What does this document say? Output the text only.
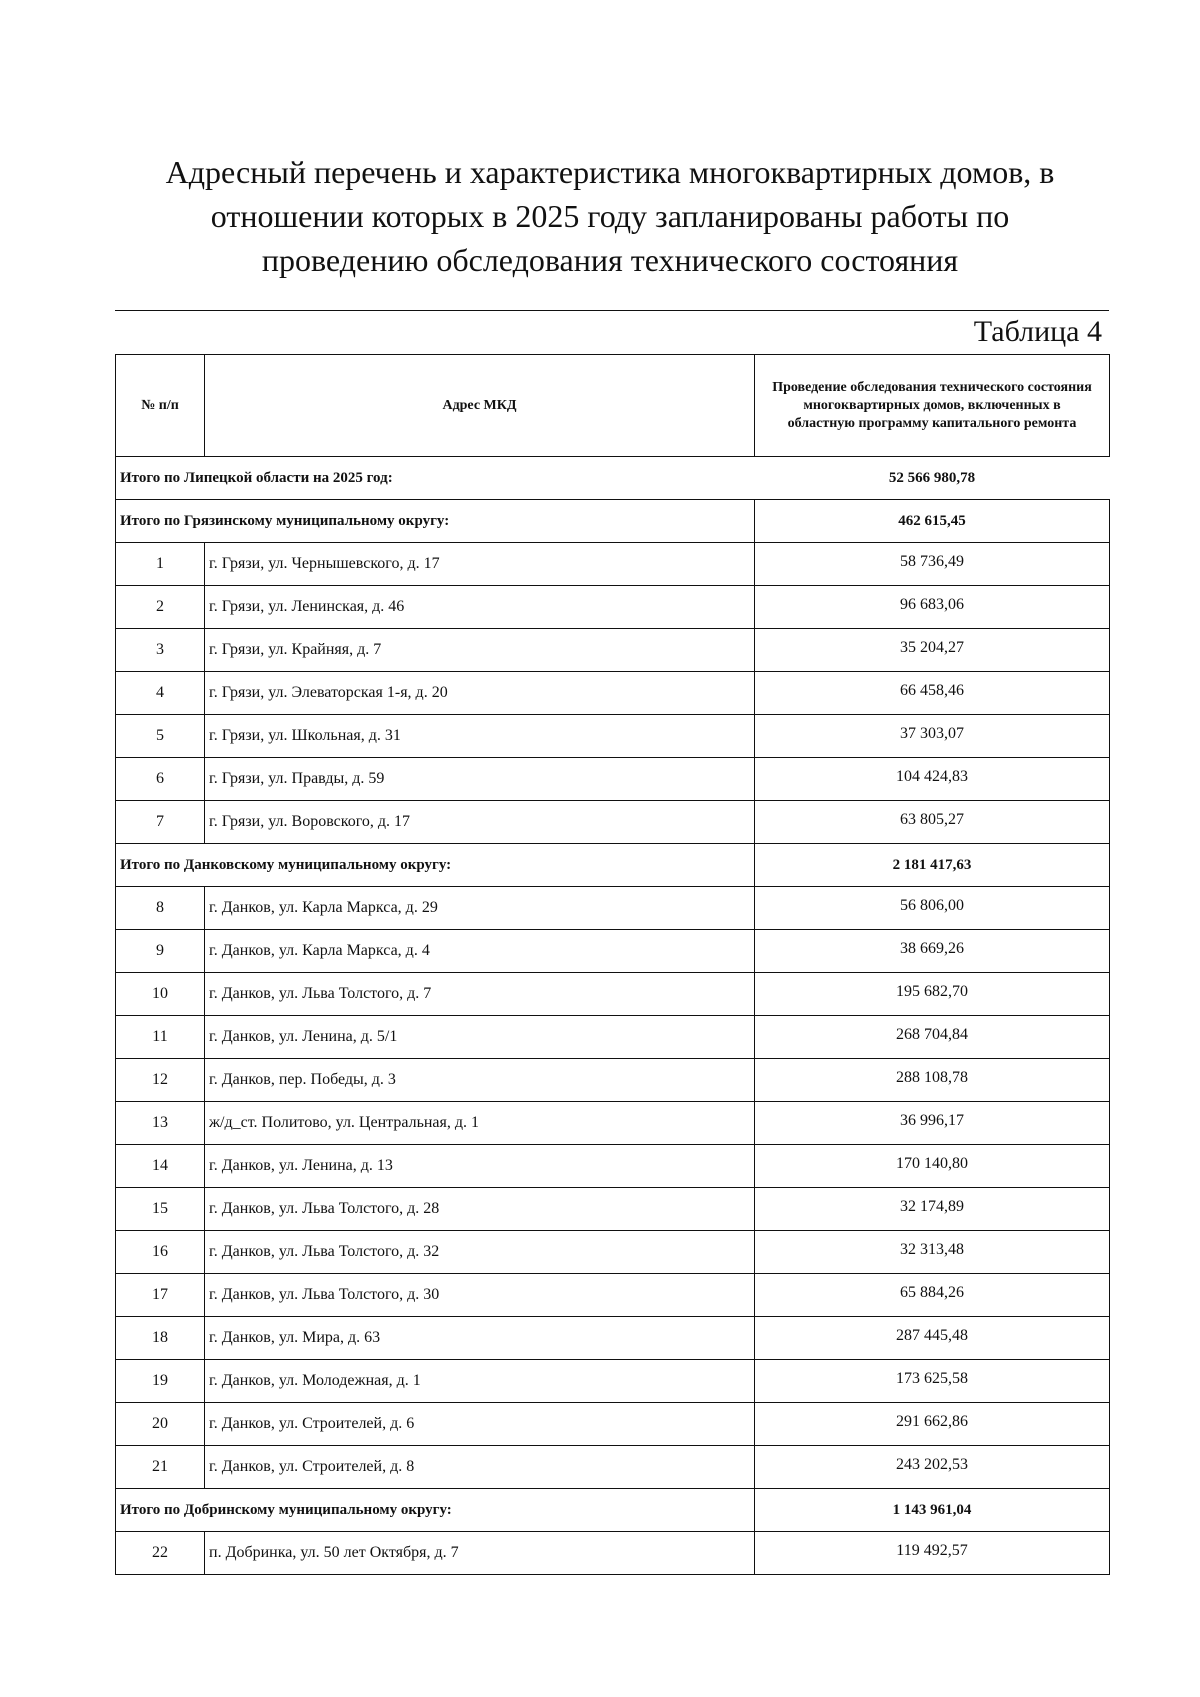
Адресный перечень и характеристика многоквартирных домов, в
отношении которых в 2025 году запланированы работы по
проведению обследования технического состояния
Таблица 4
№ п/п	Адрес МКД	Проведение обследования технического состояния многоквартирных домов, включенных в областную программу капитального ремонта
Итого по Липецкой области на 2025 год:		52 566 980,78
Итого по Грязинскому муниципальному округу:		462 615,45
1	г. Грязи, ул. Чернышевского, д. 17	58 736,49
2	г. Грязи, ул. Ленинская, д. 46	96 683,06
3	г. Грязи, ул. Крайняя, д. 7	35 204,27
4	г. Грязи, ул. Элеваторская 1-я, д. 20	66 458,46
5	г. Грязи, ул. Школьная, д. 31	37 303,07
6	г. Грязи, ул. Правды, д. 59	104 424,83
7	г. Грязи, ул. Воровского, д. 17	63 805,27
Итого по Данковскому муниципальному округу:		2 181 417,63
8	г. Данков, ул. Карла Маркса, д. 29	56 806,00
9	г. Данков, ул. Карла Маркса, д. 4	38 669,26
10	г. Данков, ул. Льва Толстого, д. 7	195 682,70
11	г. Данков, ул. Ленина, д. 5/1	268 704,84
12	г. Данков, пер. Победы, д. 3	288 108,78
13	ж/д_ст. Политово, ул. Центральная, д. 1	36 996,17
14	г. Данков, ул. Ленина, д. 13	170 140,80
15	г. Данков, ул. Льва Толстого, д. 28	32 174,89
16	г. Данков, ул. Льва Толстого, д. 32	32 313,48
17	г. Данков, ул. Льва Толстого, д. 30	65 884,26
18	г. Данков, ул. Мира, д. 63	287 445,48
19	г. Данков, ул. Молодежная, д. 1	173 625,58
20	г. Данков, ул. Строителей, д. 6	291 662,86
21	г. Данков, ул. Строителей, д. 8	243 202,53
Итого по Добринскому муниципальному округу:		1 143 961,04
22	п. Добринка, ул. 50 лет Октября, д. 7	119 492,57
